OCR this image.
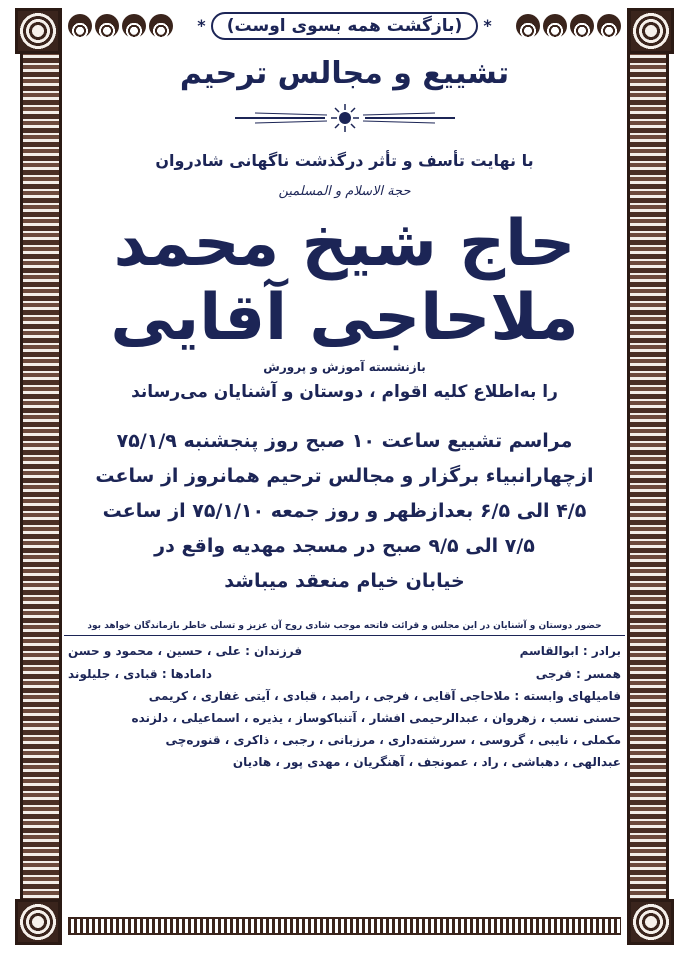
* (بازگشت همه بسوی اوست) *
تشییع و مجالس ترحیم
با نهایت تأسف و تأثر درگذشت ناگهانی شادروان
حجة الاسلام و المسلمین
حاج شیخ محمد
ملاحاجی آقایی
بازنشسته آموزش و پرورش
را به‌اطلاع کلیه اقوام ، دوستان و آشنایان می‌رساند
مراسم تشییع ساعت ۱۰ صبح روز پنجشنبه ۷۵/۱/۹
ازچهارانبیاء برگزار و مجالس ترحیم همانروز از ساعت
۴/۵ الی ۶/۵ بعدازظهر و روز جمعه ۷۵/۱/۱۰ از ساعت
۷/۵ الی ۹/۵ صبح در مسجد مهدیه واقع در
خیابان خیام منعقد میباشد
حضور دوستان و آشنایان در این مجلس و قرائت فاتحه موجب شادی روح آن عزیز و تسلی خاطر بازماندگان خواهد بود
برادر : ابوالقاسم
فرزندان : علی ، حسین ، محمود و حسن
همسر : فرجی
دامادها : قبادی ، جلیلوند
فامیلهای وابسته : ملاحاجی آقایی ، فرجی ، رامبد ، قبادی ، آیتی غفاری ، کریمی
حسنی نسب ، زهروان ، عبدالرحیمی افشار ، آتنباکوساز ، یذیره ، اسماعیلی ، دلزنده
مکملی ، نایبی ، گروسی ، سررشته‌داری ، مرزبانی ، رجبی ، ذاکری ، قنوره‌چی
عبدالهی ، دهباشی ، راد ، عمونجف ، آهنگریان ، مهدی پور ، هادیان
